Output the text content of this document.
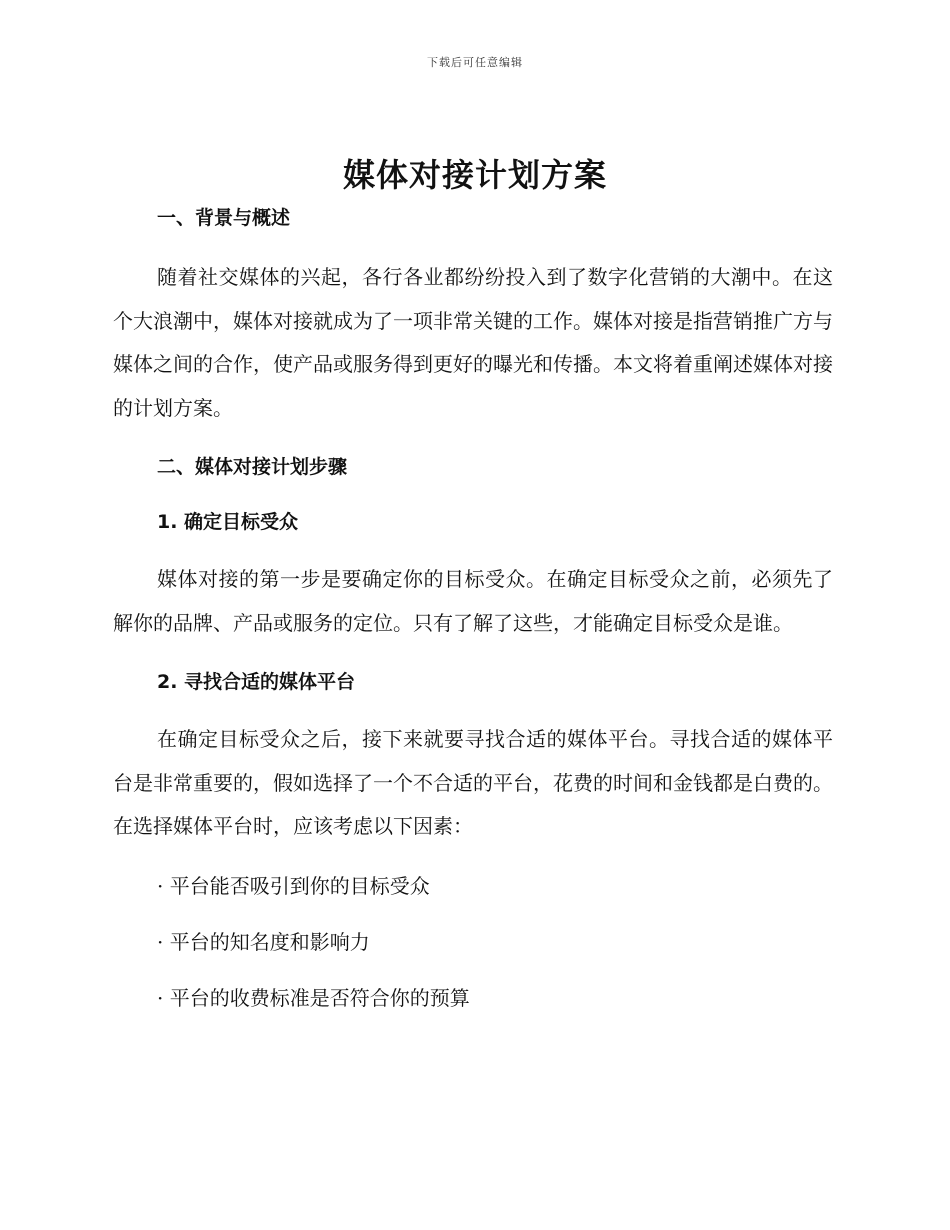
下载后可任意编辑
媒体对接计划方案

一、背景与概述

随着社交媒体的兴起，各行各业都纷纷投入到了数字化营销的大潮中。在这个大浪潮中，媒体对接就成为了一项非常关键的工作。媒体对接是指营销推广方与媒体之间的合作，使产品或服务得到更好的曝光和传播。本文将着重阐述媒体对接的计划方案。

二、媒体对接计划步骤

1. 确定目标受众

媒体对接的第一步是要确定你的目标受众。在确定目标受众之前，必须先了解你的品牌、产品或服务的定位。只有了解了这些，才能确定目标受众是谁。

2. 寻找合适的媒体平台

在确定目标受众之后，接下来就要寻找合适的媒体平台。寻找合适的媒体平台是非常重要的，假如选择了一个不合适的平台，花费的时间和金钱都是白费的。在选择媒体平台时，应该考虑以下因素：

· 平台能否吸引到你的目标受众

· 平台的知名度和影响力

· 平台的收费标准是否符合你的预算
